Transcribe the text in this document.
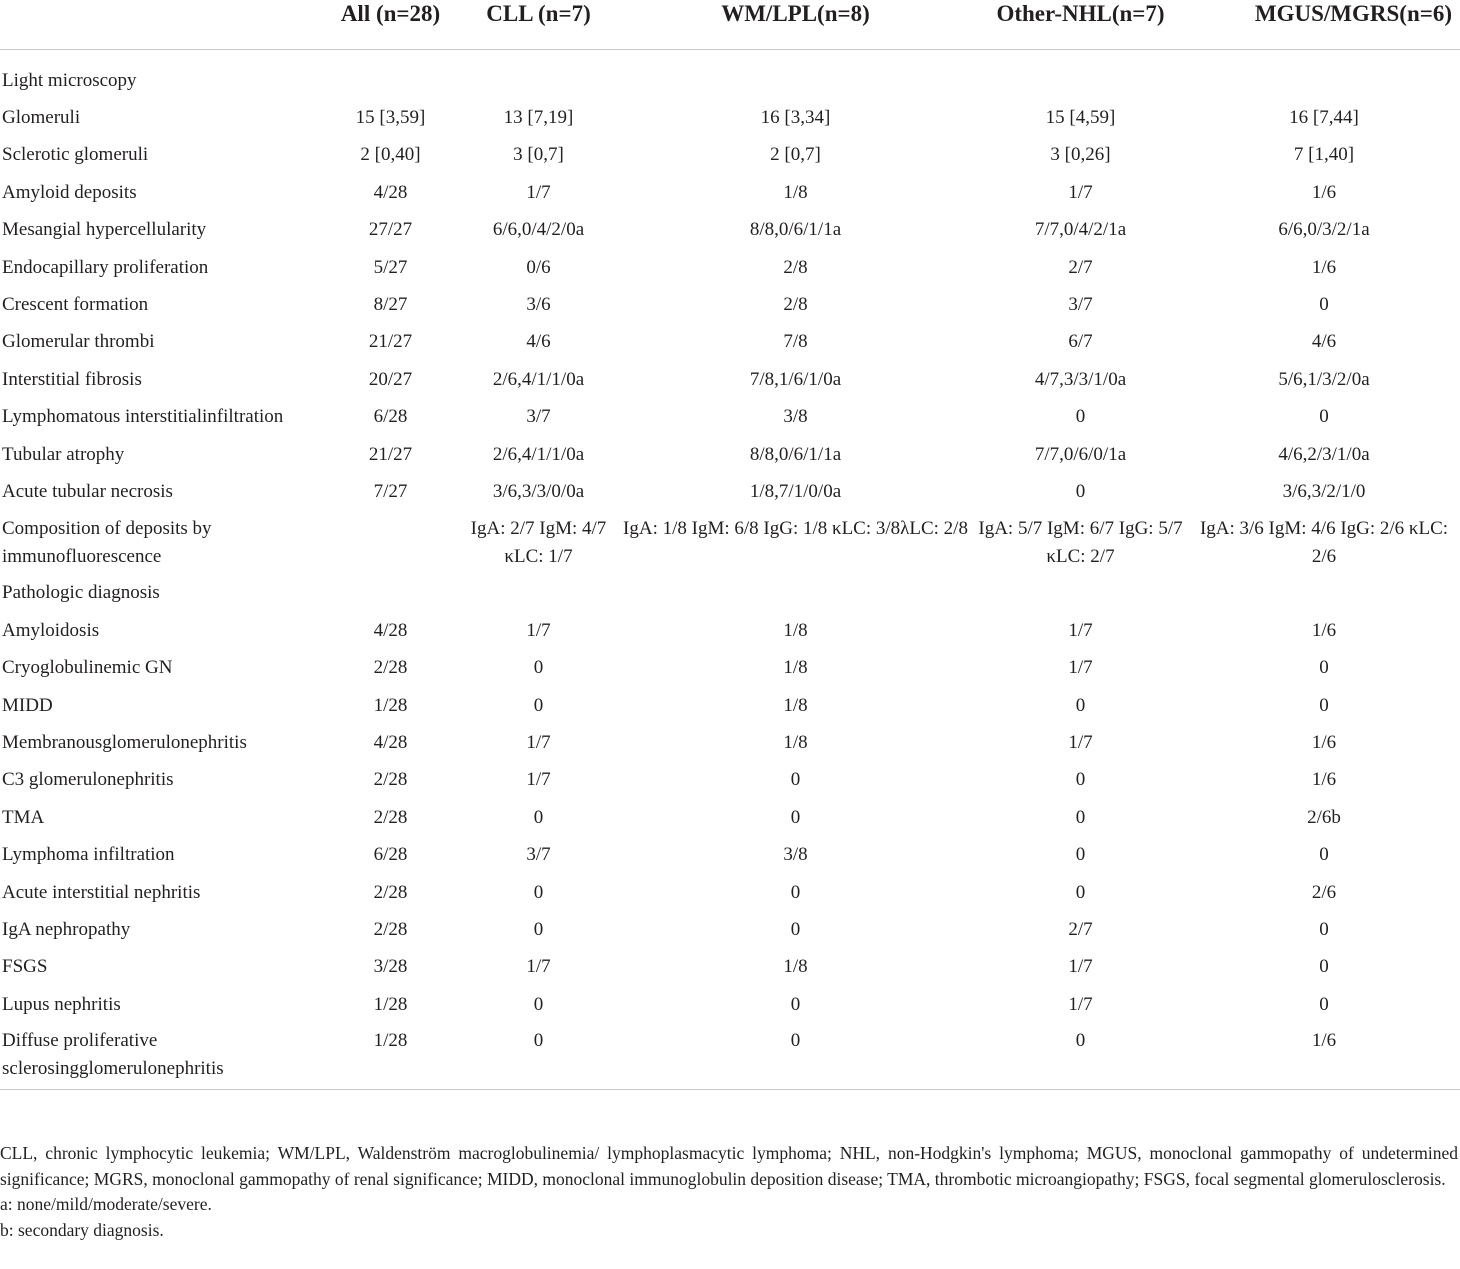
	All (n=28)	CLL (n=7)	WM/LPL(n=8)	Other-NHL(n=7)	MGUS/MGRS(n=6)
Light microscopy					
Glomeruli	15 [3,59]	13 [7,19]	16 [3,34]	15 [4,59]	16 [7,44]
Sclerotic glomeruli	2 [0,40]	3 [0,7]	2 [0,7]	3 [0,26]	7 [1,40]
Amyloid deposits	4/28	1/7	1/8	1/7	1/6
Mesangial hypercellularity	27/27	6/6,0/4/2/0a	8/8,0/6/1/1a	7/7,0/4/2/1a	6/6,0/3/2/1a
Endocapillary proliferation	5/27	0/6	2/8	2/7	1/6
Crescent formation	8/27	3/6	2/8	3/7	0
Glomerular thrombi	21/27	4/6	7/8	6/7	4/6
Interstitial fibrosis	20/27	2/6,4/1/1/0a	7/8,1/6/1/0a	4/7,3/3/1/0a	5/6,1/3/2/0a
Lymphomatous interstitialinfiltration	6/28	3/7	3/8	0	0
Tubular atrophy	21/27	2/6,4/1/1/0a	8/8,0/6/1/1a	7/7,0/6/0/1a	4/6,2/3/1/0a
Acute tubular necrosis	7/27	3/6,3/3/0/0a	1/8,7/1/0/0a	0	3/6,3/2/1/0
Composition of deposits by immunofluorescence		IgA: 2/7 IgM: 4/7 κLC: 1/7	IgA: 1/8 IgM: 6/8 IgG: 1/8 κLC: 3/8λLC: 2/8	IgA: 5/7 IgM: 6/7 IgG: 5/7 κLC: 2/7	IgA: 3/6 IgM: 4/6 IgG: 2/6 κLC: 2/6
Pathologic diagnosis					
Amyloidosis	4/28	1/7	1/8	1/7	1/6
Cryoglobulinemic GN	2/28	0	1/8	1/7	0
MIDD	1/28	0	1/8	0	0
Membranousglomerulonephritis	4/28	1/7	1/8	1/7	1/6
C3 glomerulonephritis	2/28	1/7	0	0	1/6
TMA	2/28	0	0	0	2/6b
Lymphoma infiltration	6/28	3/7	3/8	0	0
Acute interstitial nephritis	2/28	0	0	0	2/6
IgA nephropathy	2/28	0	0	2/7	0
FSGS	3/28	1/7	1/8	1/7	0
Lupus nephritis	1/28	0	0	1/7	0
Diffuse proliferative sclerosingglomerulonephritis	1/28	0	0	0	1/6

CLL, chronic lymphocytic leukemia; WM/LPL, Waldenström macroglobulinemia/ lymphoplasmacytic lymphoma; NHL, non-Hodgkin's lymphoma; MGUS, monoclonal gammopathy of undetermined significance; MGRS, monoclonal gammopathy of renal significance; MIDD, monoclonal immunoglobulin deposition disease; TMA, thrombotic microangiopathy; FSGS, focal segmental glomerulosclerosis.

a: none/mild/moderate/severe.

b: secondary diagnosis.
